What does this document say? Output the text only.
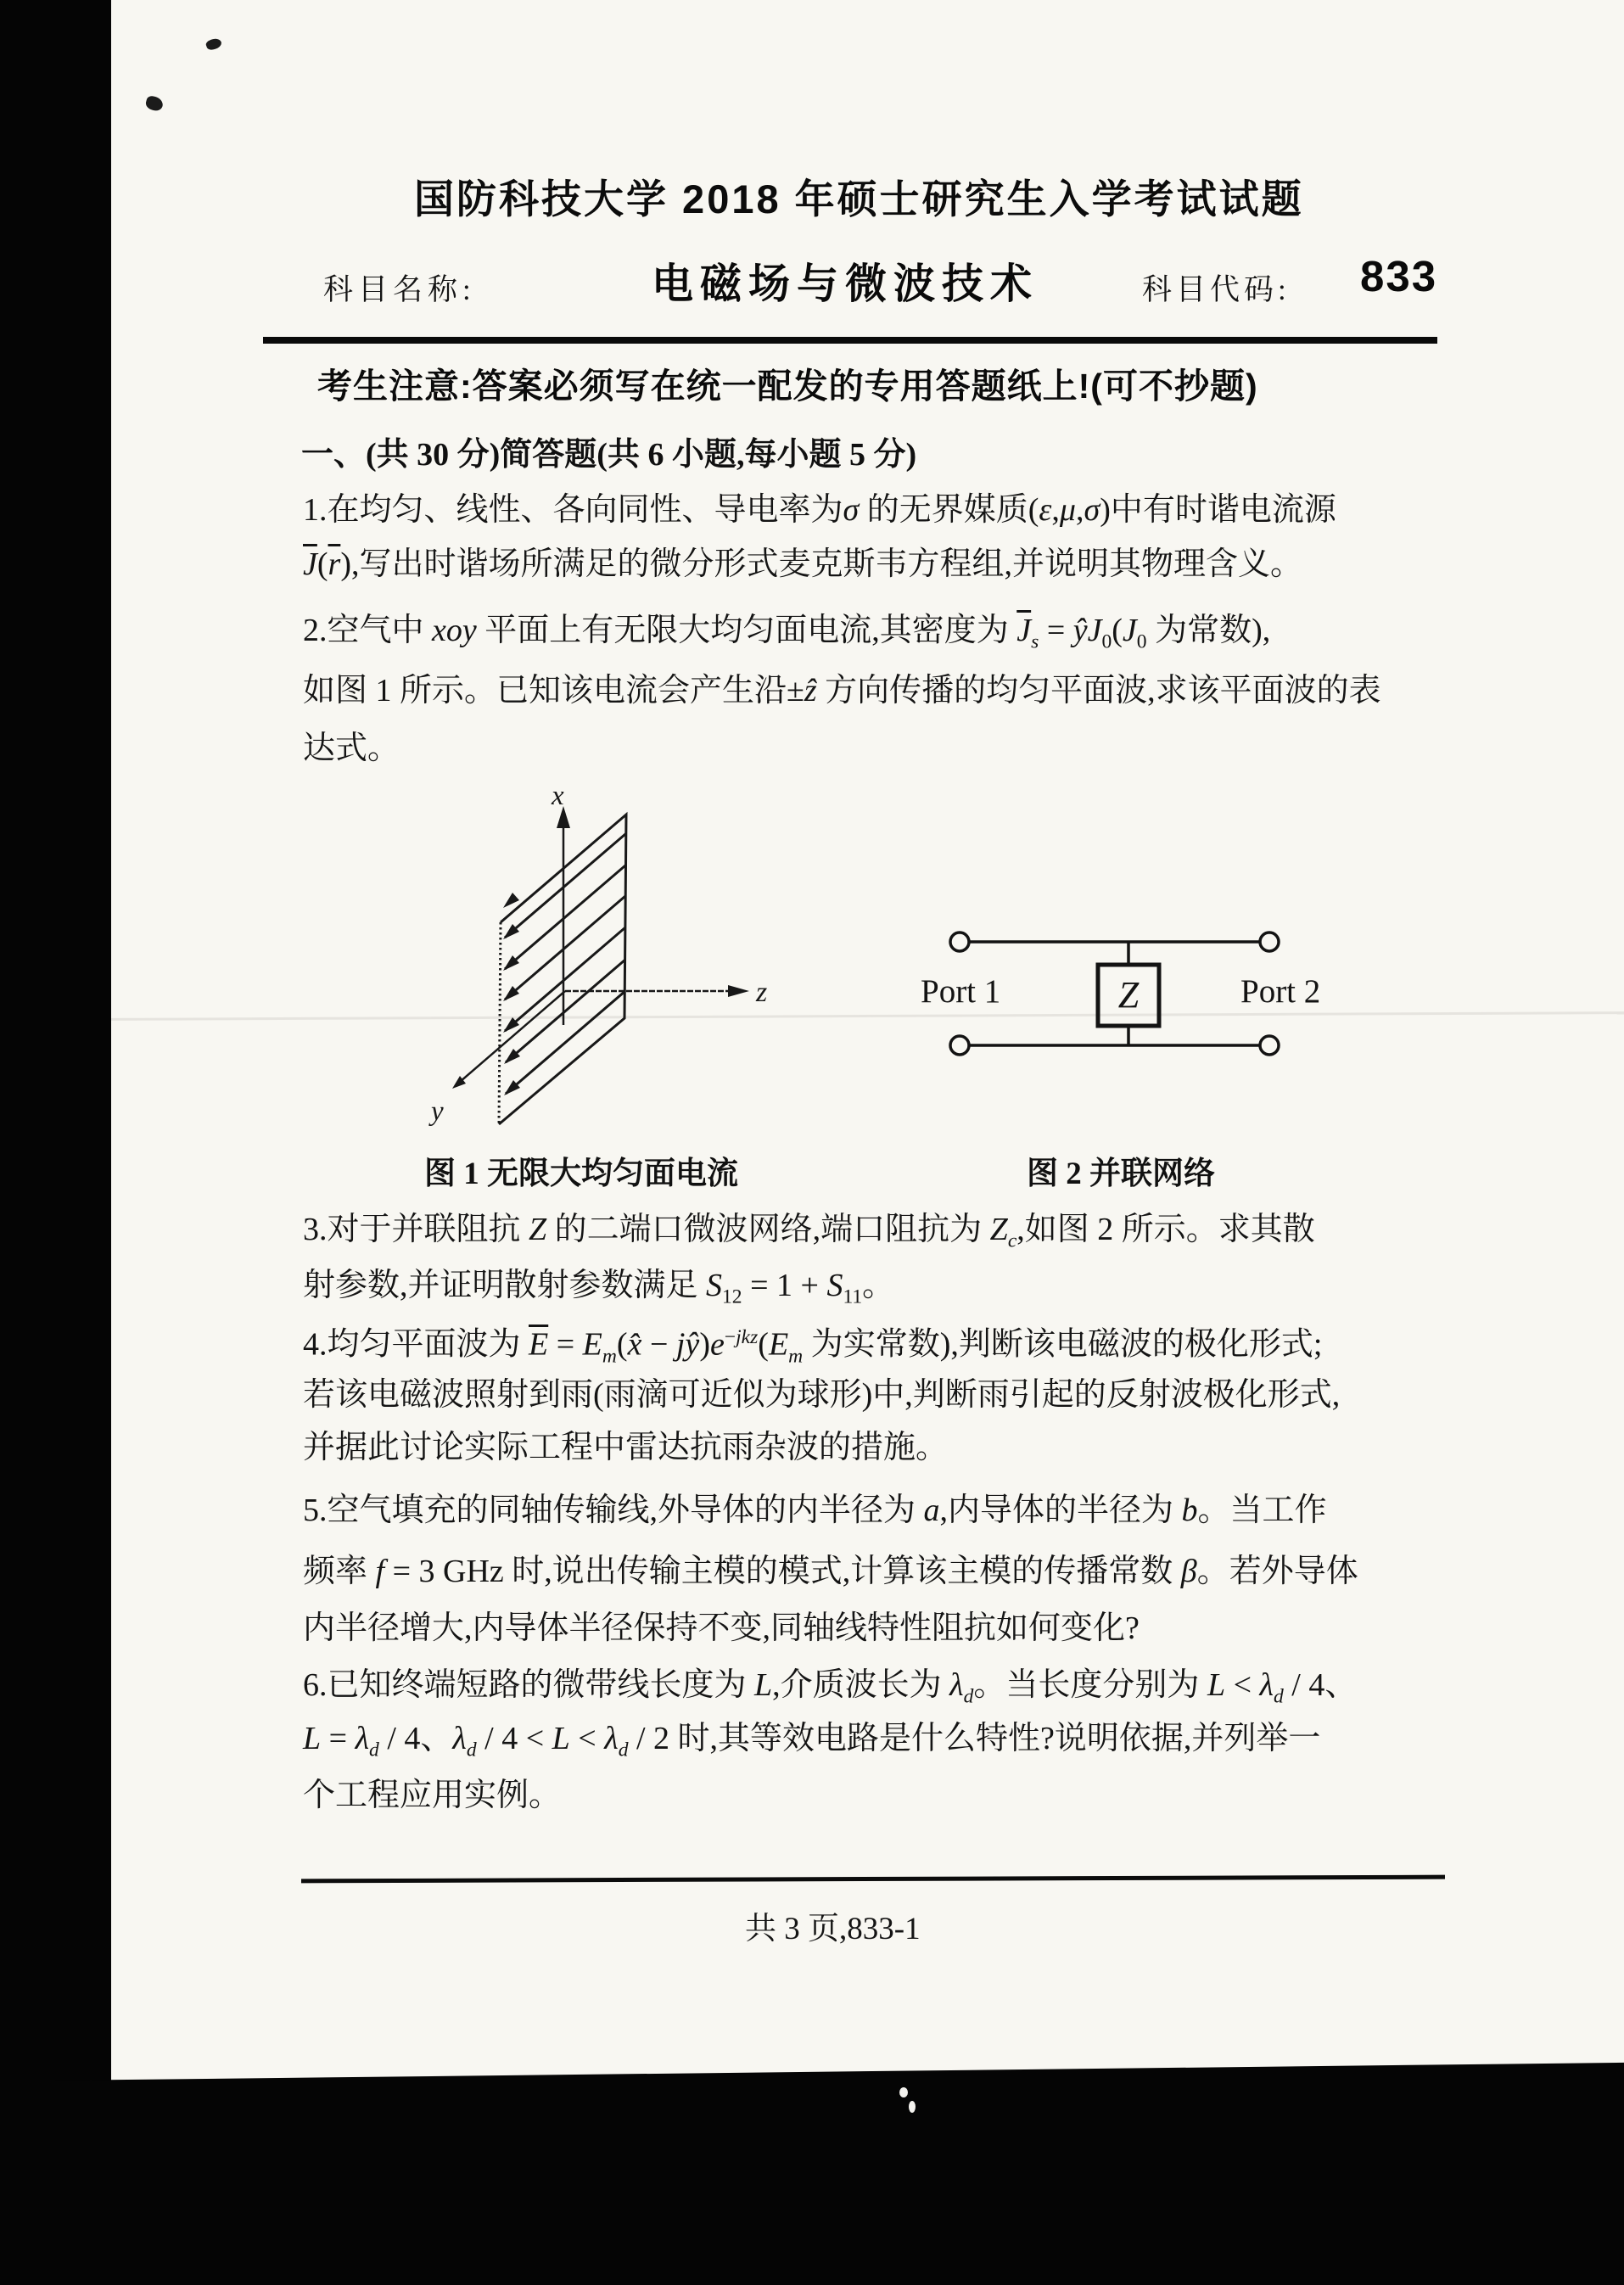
国防科技大学 2018 年硕士研究生入学考试试题
科目名称:	电磁场与微波技术	科目代码: 833
考生注意:答案必须写在统一配发的专用答题纸上!(可不抄题)
一、(共 30 分)简答题(共 6 小题,每小题 5 分)
1.在均匀、线性、各向同性、导电率为σ 的无界媒质(ε,μ,σ)中有时谐电流源
$\overline{J}(\overline{r})$,写出时谐场所满足的微分形式麦克斯韦方程组,并说明其物理含义。
2.空气中 xoy 平面上有无限大均匀面电流,其密度为 $\overline{J}_s$ = $ŷJ_0(J_0$ 为常数),
如图 1 所示。已知该电流会产生沿±ẑ 方向传播的均匀平面波,求该平面波的表
达式。
x
z
y
图 1 无限大均匀面电流
Z
Port 1	Port 2
图 2 并联网络
3.对于并联阻抗 Z 的二端口微波网络,端口阻抗为 $Z_c$,如图 2 所示。求其散
射参数,并证明散射参数满足 $S_{12} = 1 + S_{11}$。
4.均匀平面波为 $\overline{E}$ = $E_m(x̂$ − $jŷ)e^{-jkz}(E_m$ 为实常数),判断该电磁波的极化形式;
若该电磁波照射到雨(雨滴可近似为球形)中,判断雨引起的反射波极化形式,
并据此讨论实际工程中雷达抗雨杂波的措施。
5.空气填充的同轴传输线,外导体的内半径为 a,内导体的半径为 b。当工作
频率 f = 3 GHz 时,说出传输主模的模式,计算该主模的传播常数 β。若外导体
内半径增大,内导体半径保持不变,同轴线特性阻抗如何变化?
6.已知终端短路的微带线长度为 L,介质波长为 $\lambda_d$。当长度分别为 $L < \lambda_d / 4$、
$L = \lambda_d / 4$、$\lambda_d / 4 < L < \lambda_d / 2$ 时,其等效电路是什么特性?说明依据,并列举一
个工程应用实例。
共 3 页,833-1
